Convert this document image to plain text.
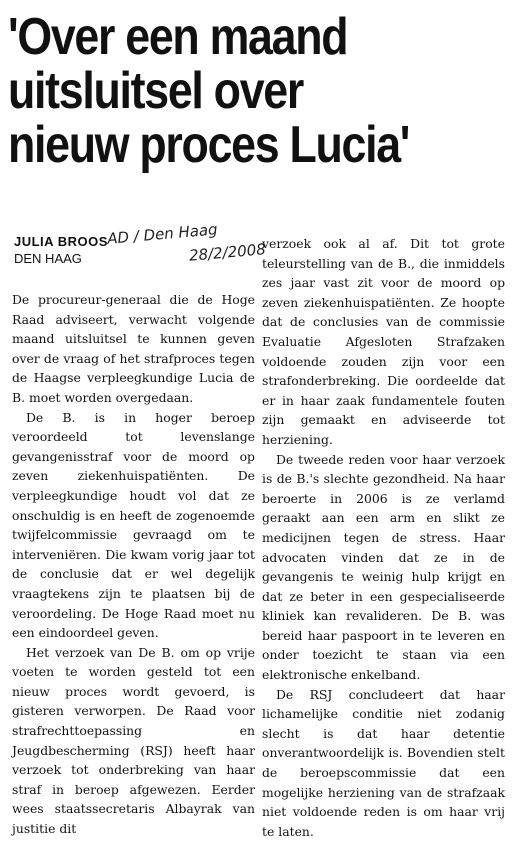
'Over een maand
uitsluitsel over
nieuw proces Lucia'
JULIA BROOS
DEN HAAG
AD / Den Haag
28/2/2008

De procureur-generaal die de Hoge Raad adviseert, verwacht volgende maand uitsluitsel te kunnen geven over de vraag of het strafproces tegen de Haagse verpleegkundige Lucia de B. moet worden overgedaan.

De B. is in hoger beroep veroordeeld tot levenslange gevangenisstraf voor de moord op zeven ziekenhuispatiënten. De verpleegkundige houdt vol dat ze onschuldig is en heeft de zogenoemde twijfelcommissie gevraagd om te interveniëren. Die kwam vorig jaar tot de conclusie dat er wel degelijk vraagtekens zijn te plaatsen bij de veroordeling. De Hoge Raad moet nu een eindoordeel geven.

Het verzoek van De B. om op vrije voeten te worden gesteld tot een nieuw proces wordt gevoerd, is gisteren verworpen. De Raad voor strafrechttoepassing en Jeugdbescherming (RSJ) heeft haar verzoek tot onderbreking van haar straf in beroep afgewezen. Eerder wees staatssecretaris Albayrak van justitie dit

verzoek ook al af. Dit tot grote teleurstelling van de B., die inmiddels zes jaar vast zit voor de moord op zeven ziekenhuispatiënten. Ze hoopte dat de conclusies van de commissie Evaluatie Afgesloten Strafzaken voldoende zouden zijn voor een strafonderbreking. Die oordeelde dat er in haar zaak fundamentele fouten zijn gemaakt en adviseerde tot herziening.

De tweede reden voor haar verzoek is de B.'s slechte gezondheid. Na haar beroerte in 2006 is ze verlamd geraakt aan een arm en slikt ze medicijnen tegen de stress. Haar advocaten vinden dat ze in de gevangenis te weinig hulp krijgt en dat ze beter in een gespecialiseerde kliniek kan revalideren. De B. was bereid haar paspoort in te leveren en onder toezicht te staan via een elektronische enkelband.

De RSJ concludeert dat haar lichamelijke conditie niet zodanig slecht is dat haar detentie onverantwoordelijk is. Bovendien stelt de beroepscommissie dat een mogelijke herziening van de strafzaak niet voldoende reden is om haar vrij te laten.
